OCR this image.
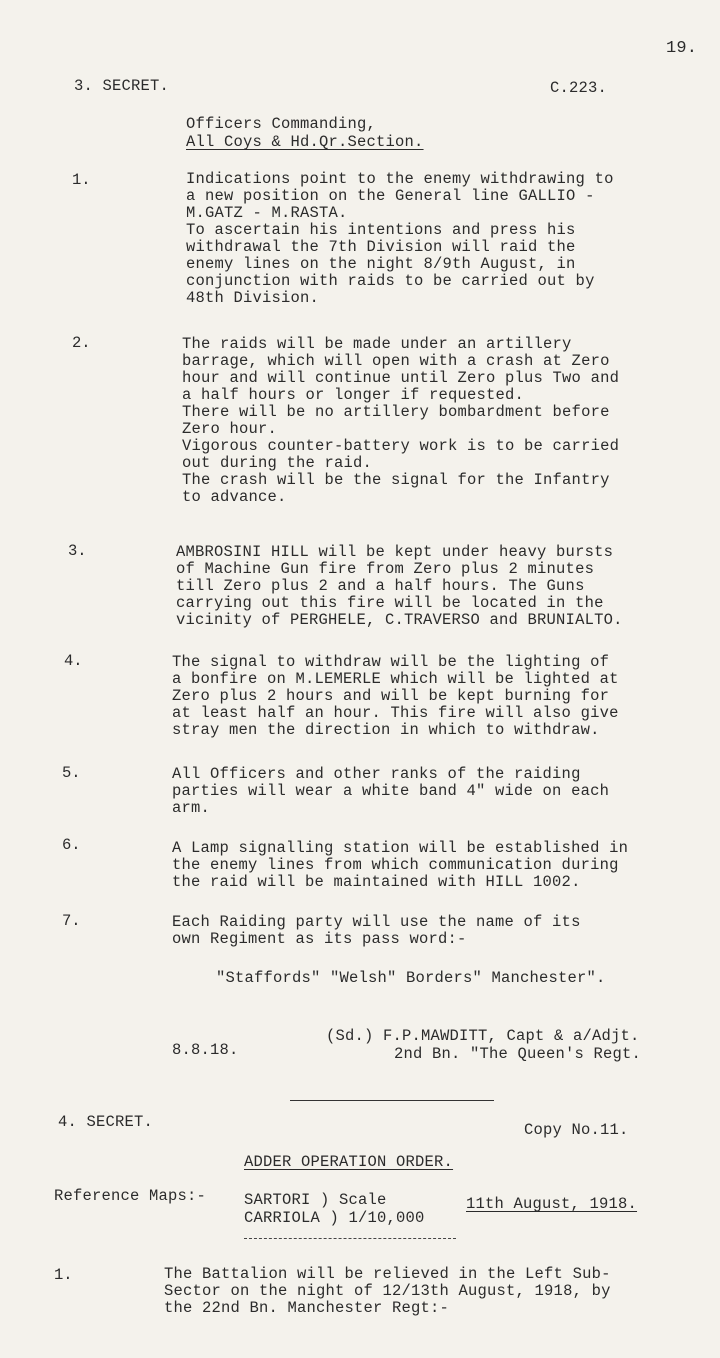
19.
3. SECRET.	C.223.
Officers Commanding,
All Coys & Hd.Qr.Section.
1.	Indications point to the enemy withdrawing to
a new position on the General line GALLIO -
M.GATZ - M.RASTA.
To ascertain his intentions and press his
withdrawal the 7th Division will raid the
enemy lines on the night 8/9th August, in
conjunction with raids to be carried out by
48th Division.
2.	The raids will be made under an artillery
barrage, which will open with a crash at Zero
hour and will continue until Zero plus Two and
a half hours or longer if requested.
There will be no artillery bombardment before
Zero hour.
Vigorous counter-battery work is to be carried
out during the raid.
The crash will be the signal for the Infantry
to advance.
3.	AMBROSINI HILL will be kept under heavy bursts
of Machine Gun fire from Zero plus 2 minutes
till Zero plus 2 and a half hours. The Guns
carrying out this fire will be located in the
vicinity of PERGHELE, C.TRAVERSO and BRUNIALTO.
4.	The signal to withdraw will be the lighting of
a bonfire on M.LEMERLE which will be lighted at
Zero plus 2 hours and will be kept burning for
at least half an hour. This fire will also give
stray men the direction in which to withdraw.
5.	All Officers and other ranks of the raiding
parties will wear a white band 4" wide on each
arm.
6.	A Lamp signalling station will be established in
the enemy lines from which communication during
the raid will be maintained with HILL 1002.
7.	Each Raiding party will use the name of its
own Regiment as its pass word:-
"Staffords" "Welsh" Borders" Manchester".
8.8.18.
(Sd.) F.P.MAWDITT, Capt & a/Adjt.
2nd Bn. "The Queen's Regt.
4. SECRET.	Copy No.11.
ADDER OPERATION ORDER.
Reference Maps:- SARTORI ) Scale
CARRIOLA ) 1/10,000
11th August, 1918.
1.	The Battalion will be relieved in the Left Sub-
Sector on the night of 12/13th August, 1918, by
the 22nd Bn. Manchester Regt:-
